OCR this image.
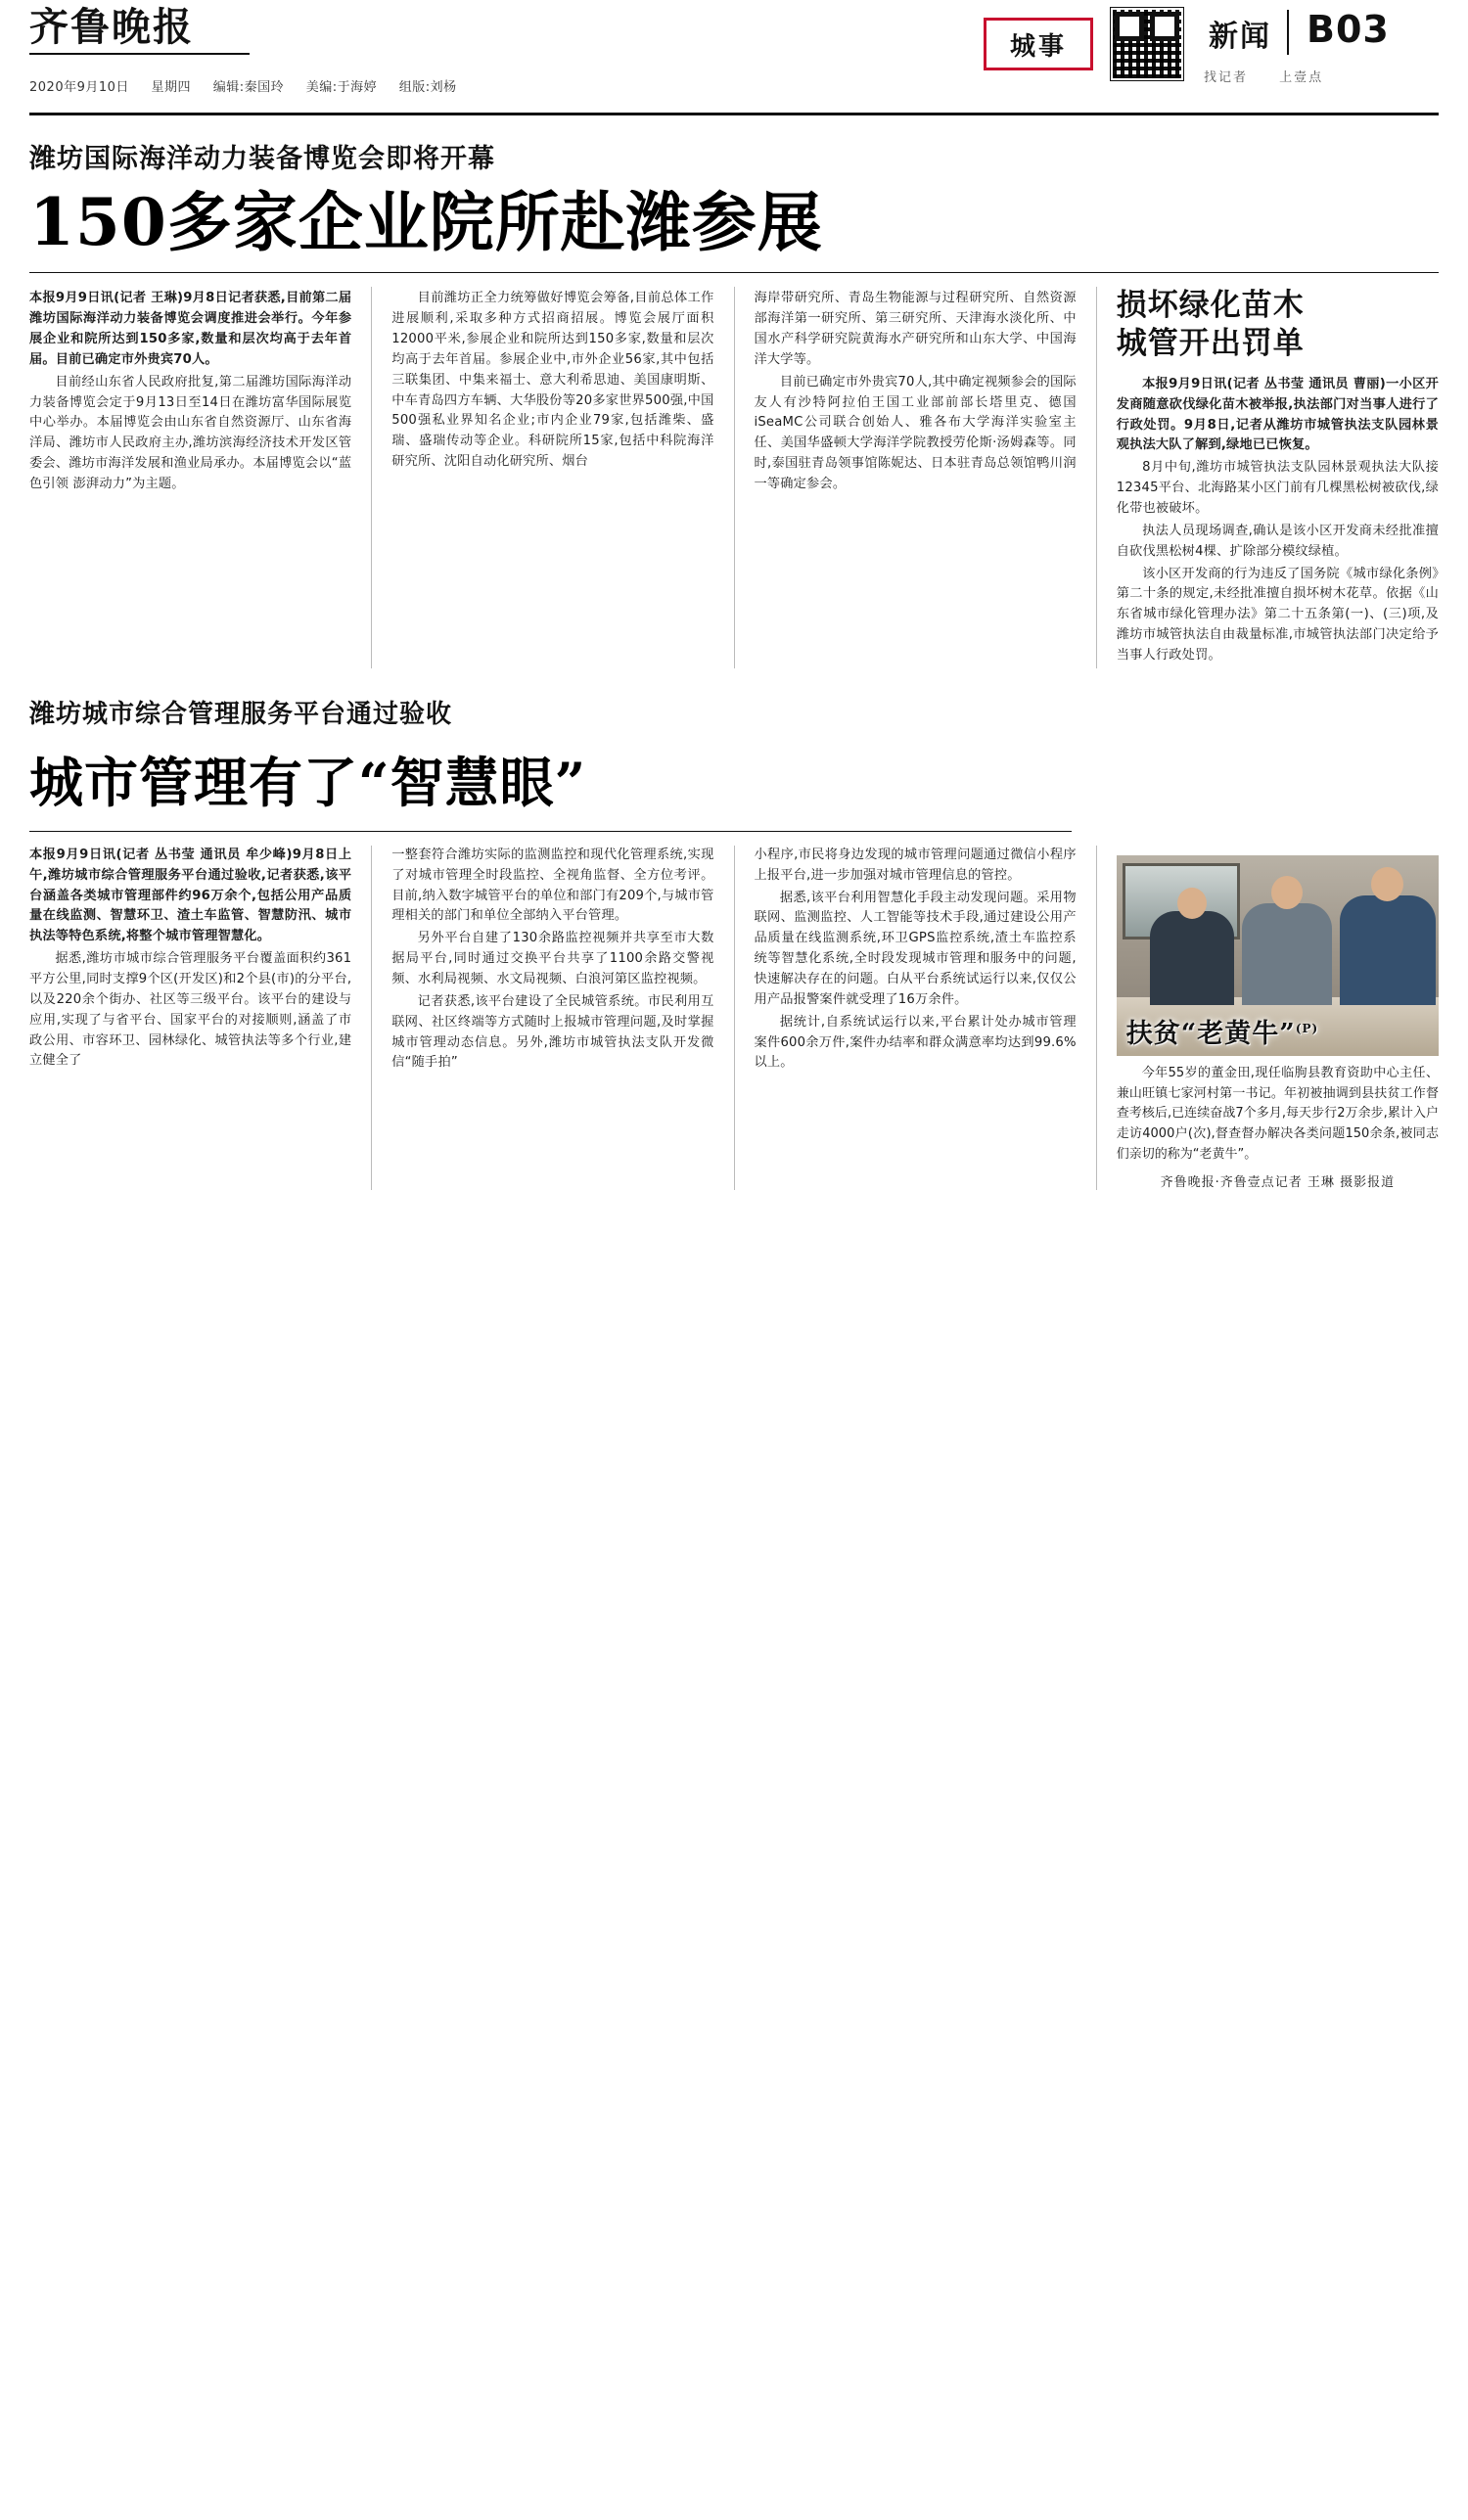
齐鲁晚报
2020年9月10日 星期四 编辑:秦国玲 美编:于海婷 组版:刘杨
城事	新闻 B03
找记者 上壹点
潍坊国际海洋动力装备博览会即将开幕
150多家企业院所赴潍参展

本报9月9日讯(记者 王琳)9月8日记者获悉,目前第二届潍坊国际海洋动力装备博览会调度推进会举行。今年参展企业和院所达到150多家,数量和层次均高于去年首届。目前已确定市外贵宾70人。

目前经山东省人民政府批复,第二届潍坊国际海洋动力装备博览会定于9月13日至14日在潍坊富华国际展览中心举办。本届博览会由山东省自然资源厅、山东省海洋局、潍坊市人民政府主办,潍坊滨海经济技术开发区管委会、潍坊市海洋发展和渔业局承办。本届博览会以“蓝色引领 澎湃动力”为主题。

目前潍坊正全力统筹做好博览会筹备,目前总体工作进展顺利,采取多种方式招商招展。博览会展厅面积12000平米,参展企业和院所达到150多家,数量和层次均高于去年首届。参展企业中,市外企业56家,其中包括三联集团、中集来福士、意大利希思迪、美国康明斯、中车青岛四方车辆、大华股份等20多家世界500强,中国500强私业界知名企业;市内企业79家,包括潍柴、盛瑞、盛瑞传动等企业。科研院所15家,包括中科院海洋研究所、沈阳自动化研究所、烟台

海岸带研究所、青岛生物能源与过程研究所、自然资源部海洋第一研究所、第三研究所、天津海水淡化所、中国水产科学研究院黄海水产研究所和山东大学、中国海洋大学等。

目前已确定市外贵宾70人,其中确定视频参会的国际友人有沙特阿拉伯王国工业部前部长塔里克、德国iSeaMC公司联合创始人、雅各布大学海洋实验室主任、美国华盛顿大学海洋学院教授劳伦斯·汤姆森等。同时,泰国驻青岛领事馆陈妮达、日本驻青岛总领馆鸭川润一等确定参会。

损坏绿化苗木
城管开出罚单

本报9月9日讯(记者 丛书莹 通讯员 曹丽)一小区开发商随意砍伐绿化苗木被举报,执法部门对当事人进行了行政处罚。9月8日,记者从潍坊市城管执法支队园林景观执法大队了解到,绿地已已恢复。

8月中旬,潍坊市城管执法支队园林景观执法大队接12345平台、北海路某小区门前有几棵黑松树被砍伐,绿化带也被破坏。

执法人员现场调查,确认是该小区开发商未经批准擅自砍伐黑松树4棵、扩除部分模纹绿植。

该小区开发商的行为违反了国务院《城市绿化条例》第二十条的规定,未经批准擅自损坏树木花草。依据《山东省城市绿化管理办法》第二十五条第(一)、(三)项,及潍坊市城管执法自由裁量标准,市城管执法部门决定给予当事人行政处罚。

潍坊城市综合管理服务平台通过验收
城市管理有了“智慧眼”

本报9月9日讯(记者 丛书莹 通讯员 牟少峰)9月8日上午,潍坊城市综合管理服务平台通过验收,记者获悉,该平台涵盖各类城市管理部件约96万余个,包括公用产品质量在线监测、智慧环卫、渣土车监管、智慧防汛、城市执法等特色系统,将整个城市管理智慧化。

据悉,潍坊市城市综合管理服务平台覆盖面积约361平方公里,同时支撑9个区(开发区)和2个县(市)的分平台,以及220余个街办、社区等三级平台。该平台的建设与应用,实现了与省平台、国家平台的对接顺则,涵盖了市政公用、市容环卫、园林绿化、城管执法等多个行业,建立健全了

一整套符合潍坊实际的监测监控和现代化管理系统,实现了对城市管理全时段监控、全视角监督、全方位考评。目前,纳入数字城管平台的单位和部门有209个,与城市管理相关的部门和单位全部纳入平台管理。

另外平台自建了130余路监控视频并共享至市大数据局平台,同时通过交换平台共享了1100余路交警视频、水利局视频、水文局视频、白浪河第区监控视频。

记者获悉,该平台建设了全民城管系统。市民利用互联网、社区终端等方式随时上报城市管理问题,及时掌握城市管理动态信息。另外,潍坊市城管执法支队开发微信“随手拍”

小程序,市民将身边发现的城市管理问题通过微信小程序上报平台,进一步加强对城市管理信息的管控。

据悉,该平台利用智慧化手段主动发现问题。采用物联网、监测监控、人工智能等技术手段,通过建设公用产品质量在线监测系统,环卫GPS监控系统,渣土车监控系统等智慧化系统,全时段发现城市管理和服务中的问题,快速解决存在的问题。白从平台系统试运行以来,仅仅公用产品报警案件就受理了16万余件。

据统计,自系统试运行以来,平台累计处办城市管理案件600余万件,案件办结率和群众满意率均达到99.6%以上。

扶贫“老黄牛”$^{(P)}$
今年55岁的董金田,现任临朐县教育资助中心主任、兼山旺镇七家河村第一书记。年初被抽调到县扶贫工作督查考核后,已连续奋战7个多月,每天步行2万余步,累计入户走访4000户(次),督查督办解决各类问题150余条,被同志们亲切的称为“老黄牛”。
齐鲁晚报·齐鲁壹点记者 王琳 摄影报道
